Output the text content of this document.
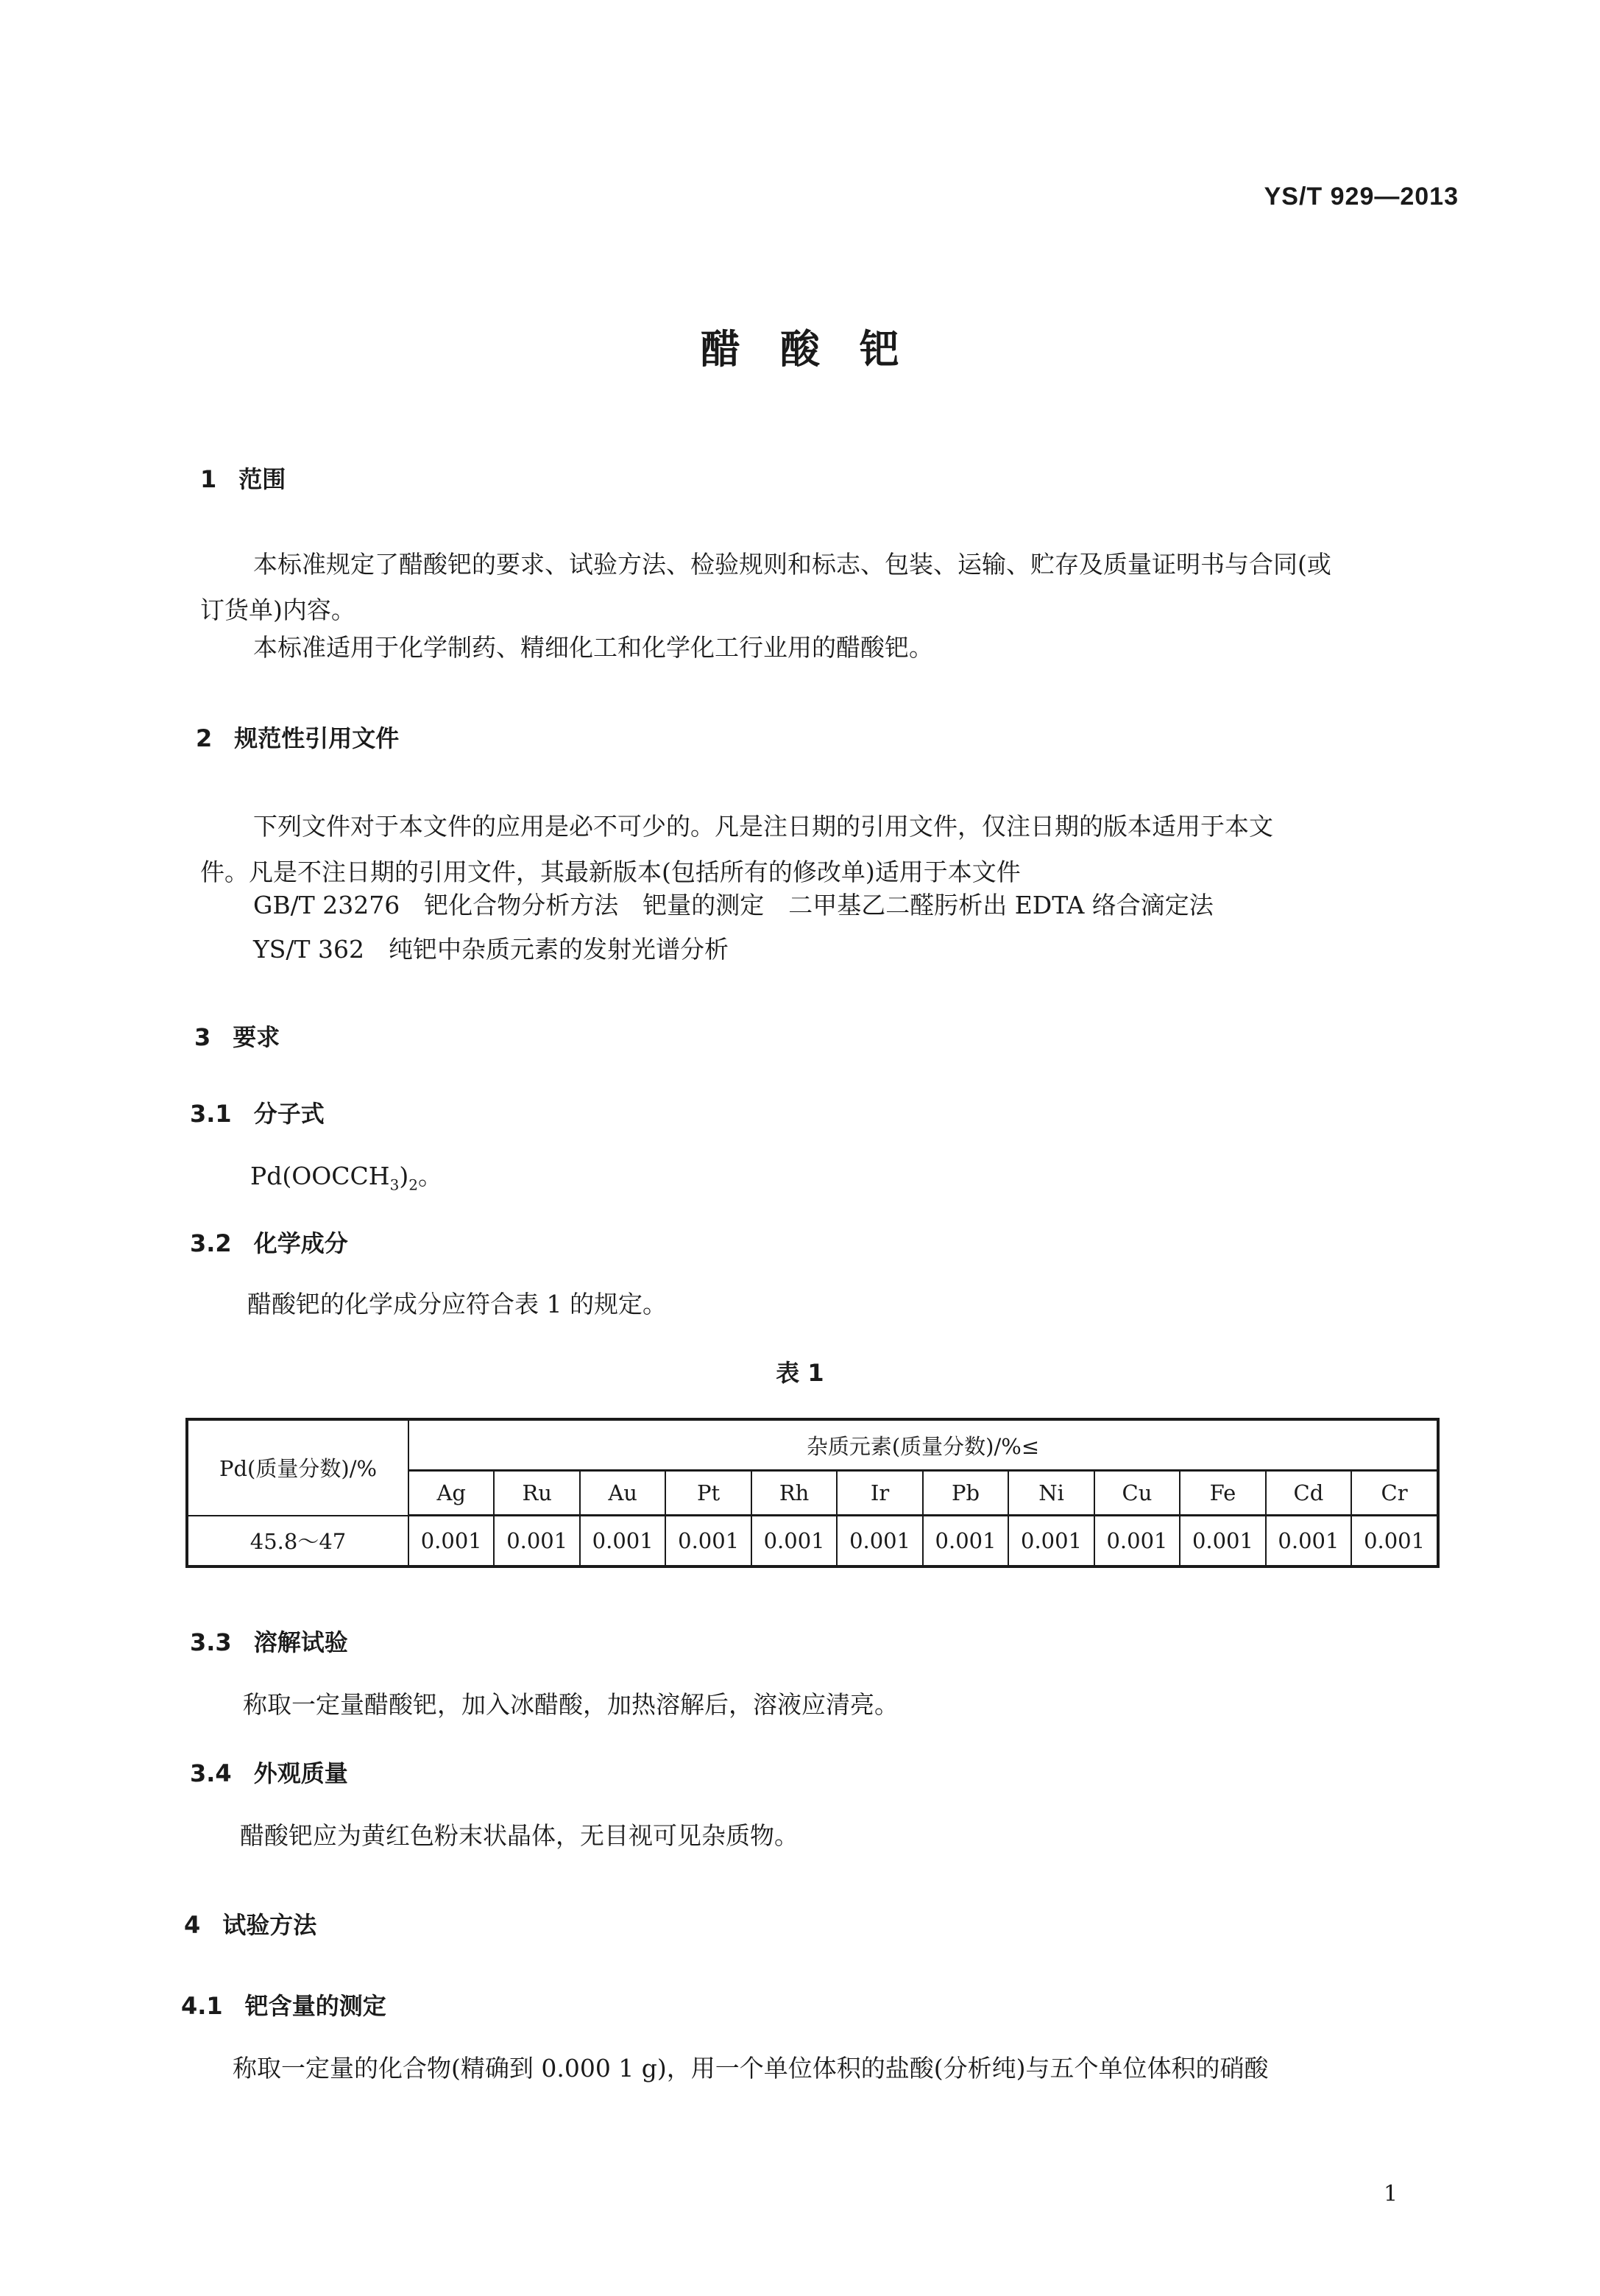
YS/T 929—2013
醋　酸　钯
1 范围
本标准规定了醋酸钯的要求、试验方法、检验规则和标志、包装、运输、贮存及质量证明书与合同(或
订货单)内容。
本标准适用于化学制药、精细化工和化学化工行业用的醋酸钯。
2 规范性引用文件
下列文件对于本文件的应用是必不可少的。凡是注日期的引用文件，仅注日期的版本适用于本文
件。凡是不注日期的引用文件，其最新版本(包括所有的修改单)适用于本文件
GB/T 23276　钯化合物分析方法　钯量的测定　二甲基乙二醛肟析出 EDTA 络合滴定法
YS/T 362　纯钯中杂质元素的发射光谱分析
3 要求
3.1 分子式
$Pd(OOCCH_3)_2$。
3.2 化学成分
醋酸钯的化学成分应符合表 1 的规定。
表 1
Pd(质量分数)/%	杂质元素(质量分数)/%≤											
	Ag	Ru	Au	Pt	Rh	Ir	Pb	Ni	Cu	Fe	Cd	Cr
45.8～47	0.001	0.001	0.001	0.001	0.001	0.001	0.001	0.001	0.001	0.001	0.001	0.001
3.3 溶解试验
称取一定量醋酸钯，加入冰醋酸，加热溶解后，溶液应清亮。
3.4 外观质量
醋酸钯应为黄红色粉末状晶体，无目视可见杂质物。
4 试验方法
4.1 钯含量的测定
称取一定量的化合物(精确到 0.000 1 g)，用一个单位体积的盐酸(分析纯)与五个单位体积的硝酸
1
